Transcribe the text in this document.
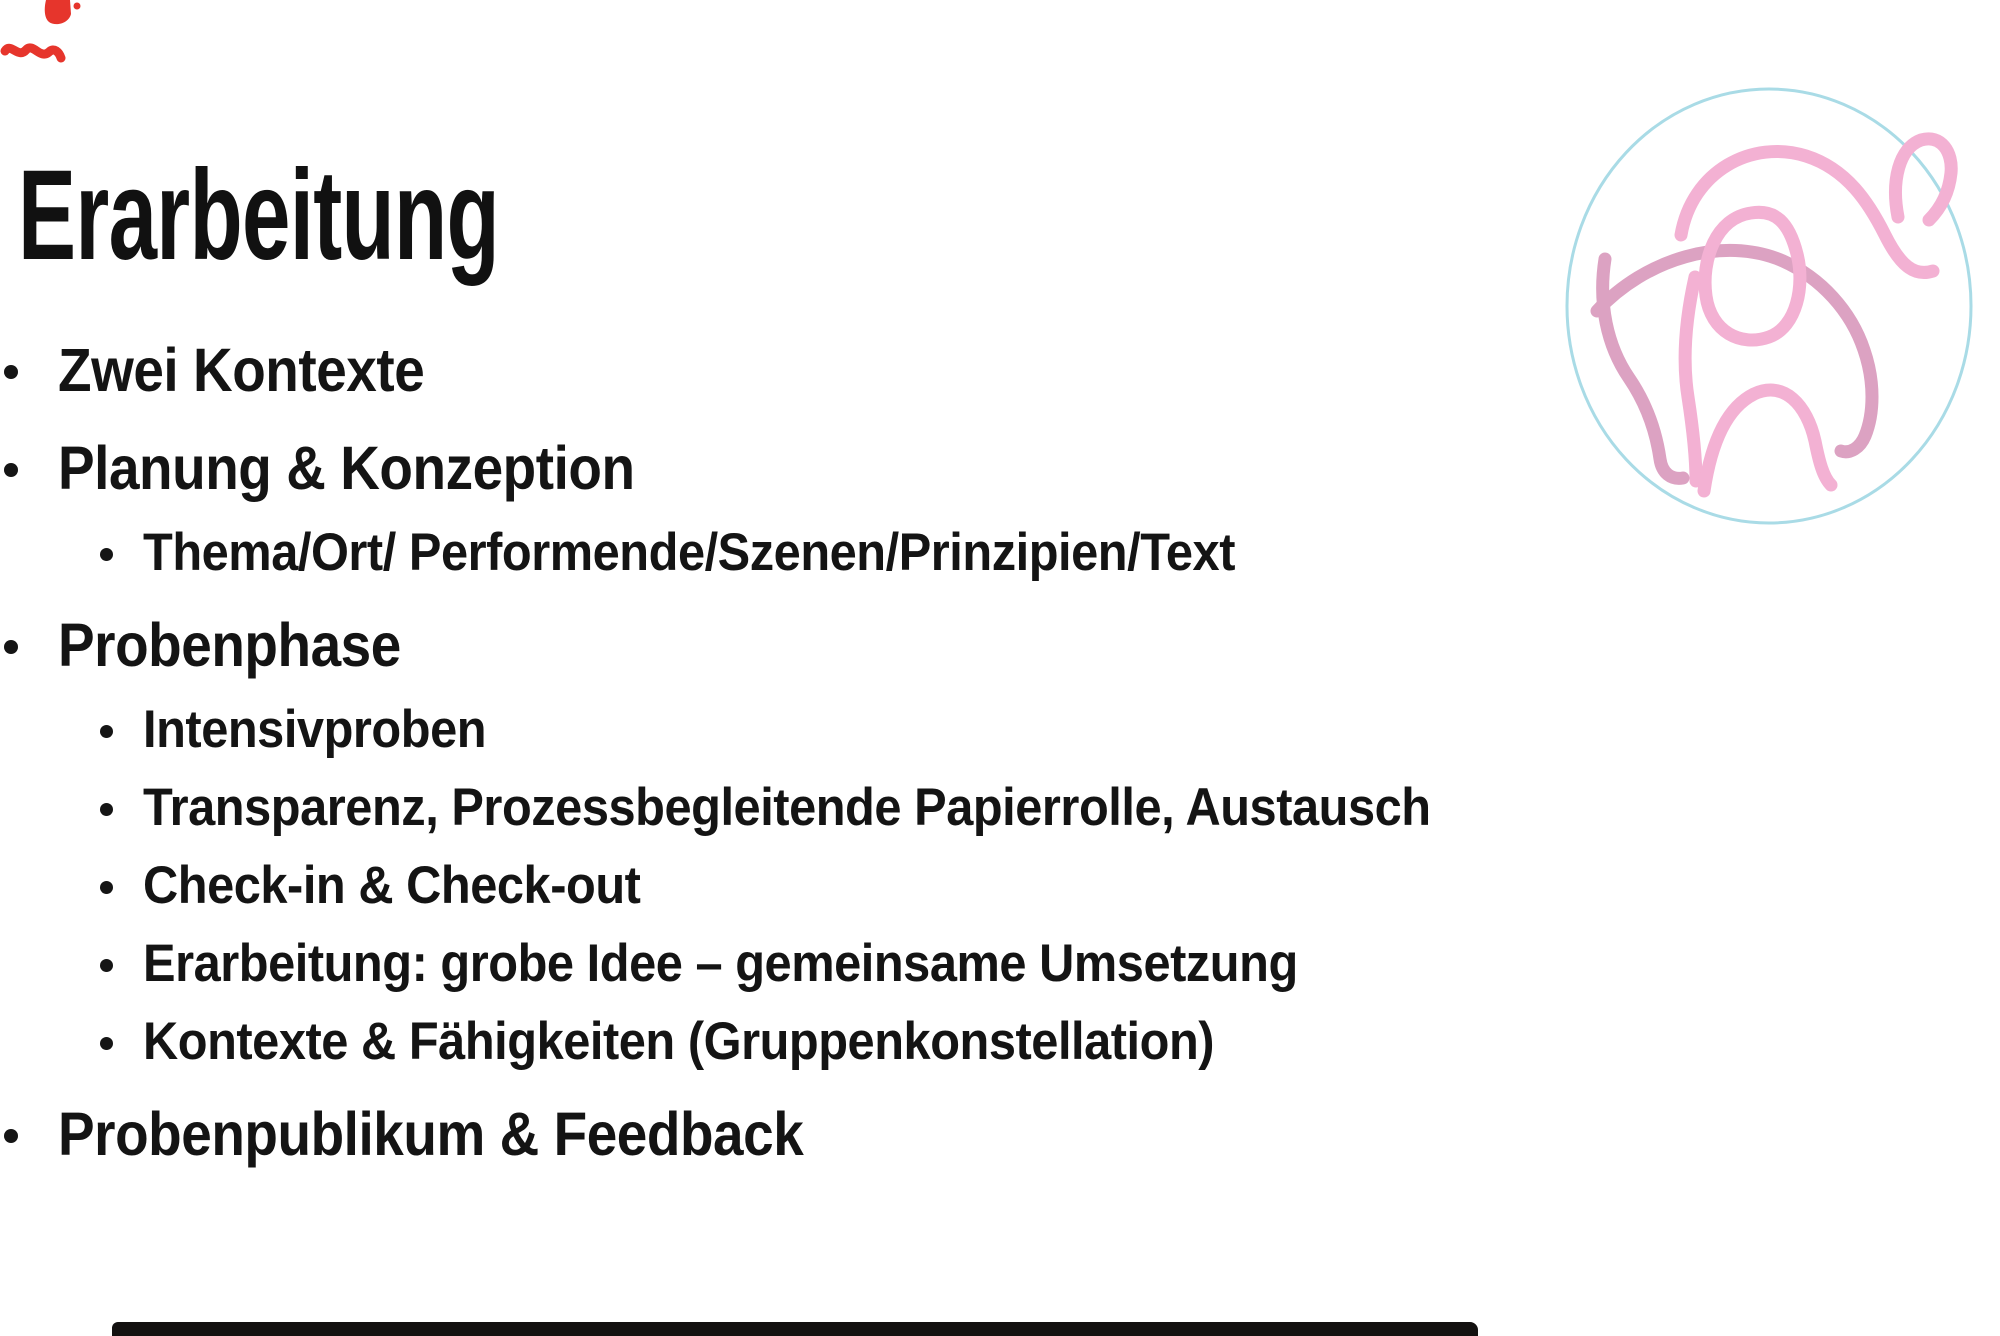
Erarbeitung
Zwei Kontexte
Planung & Konzeption
Thema/Ort/ Performende/Szenen/Prinzipien/Text
Probenphase
Intensivproben
Transparenz, Prozessbegleitende Papierrolle, Austausch
Check-in & Check-out
Erarbeitung: grobe Idee – gemeinsame Umsetzung
Kontexte & Fähigkeiten (Gruppenkonstellation)
Probenpublikum & Feedback
